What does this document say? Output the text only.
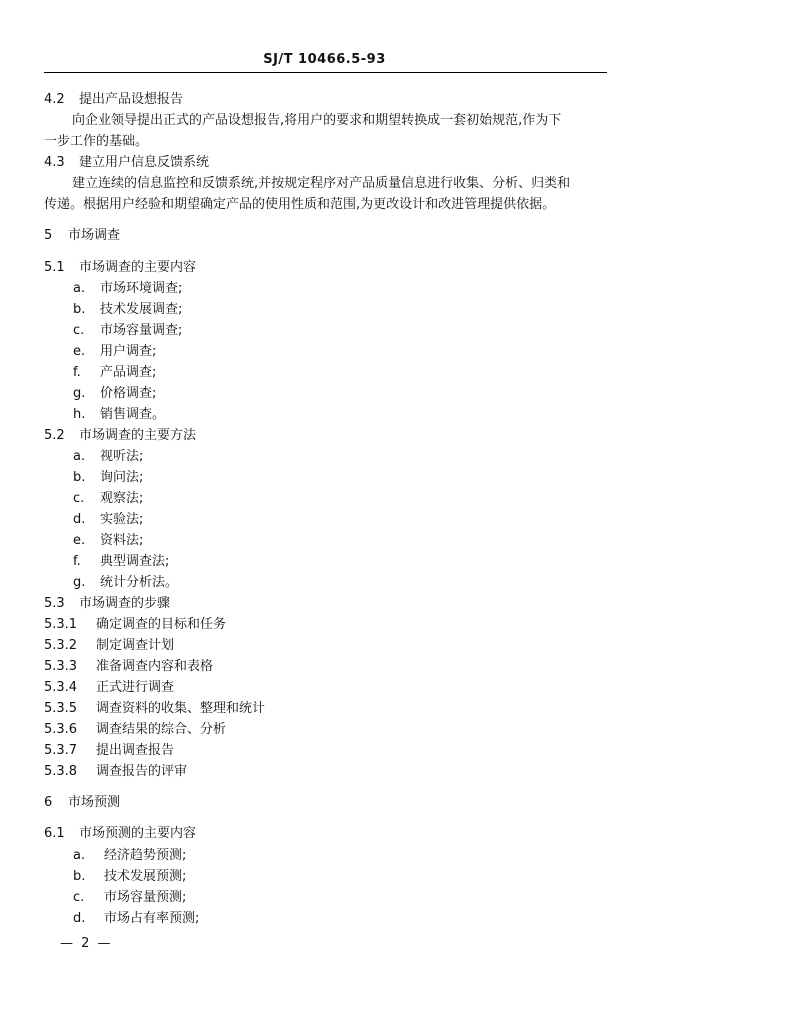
SJ/T 10466.5-93
4.2 提出产品设想报告
向企业领导提出正式的产品设想报告,将用户的要求和期望转换成一套初始规范,作为下
一步工作的基础。
4.3 建立用户信息反馈系统
建立连续的信息监控和反馈系统,并按规定程序对产品质量信息进行收集、分析、归类和
传递。根据用户经验和期望确定产品的使用性质和范围,为更改设计和改进管理提供依据。
5 市场调查
5.1 市场调查的主要内容
a. 市场环境调查;
b. 技术发展调查;
c. 市场容量调查;
e. 用户调查;
f. 产品调查;
g. 价格调查;
h. 销售调查。
5.2 市场调查的主要方法
a. 视听法;
b. 询问法;
c. 观察法;
d. 实验法;
e. 资料法;
f. 典型调查法;
g. 统计分析法。
5.3 市场调查的步骤
5.3.1 确定调查的目标和任务
5.3.2 制定调查计划
5.3.3 准备调查内容和表格
5.3.4 正式进行调查
5.3.5 调查资料的收集、整理和统计
5.3.6 调查结果的综合、分析
5.3.7 提出调查报告
5.3.8 调查报告的评审
6 市场预测
6.1 市场预测的主要内容
a. 经济趋势预测;
b. 技术发展预测;
c. 市场容量预测;
d. 市场占有率预测;
— 2 —
